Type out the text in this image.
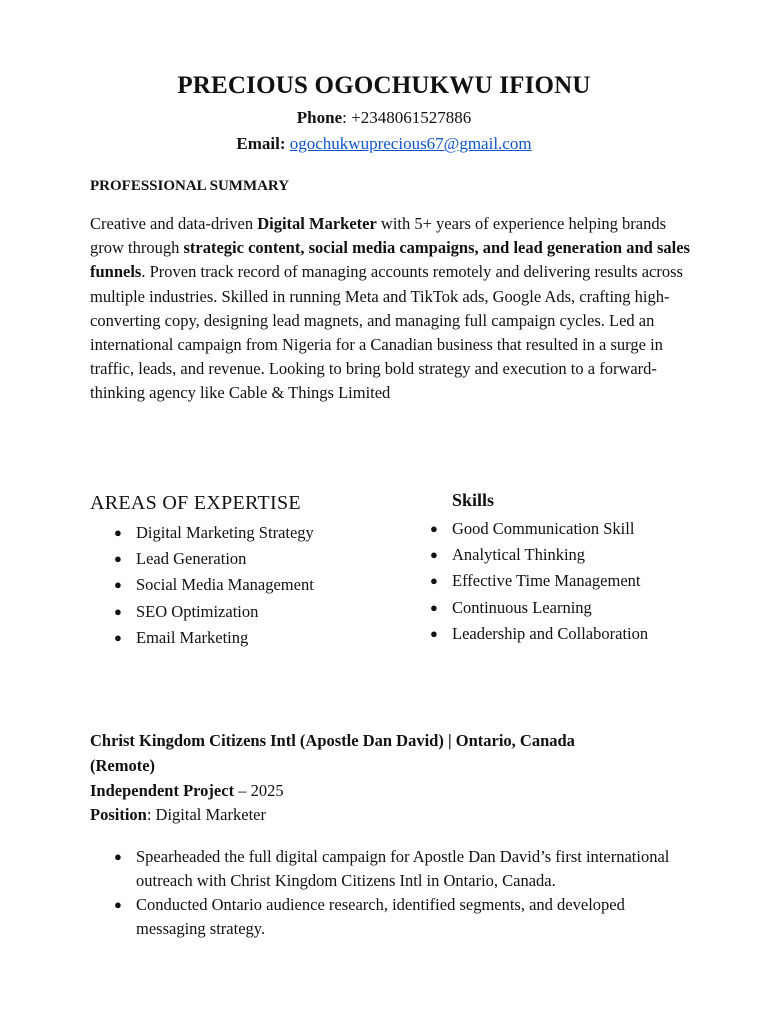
PRECIOUS OGOCHUKWU IFIONU

Phone: +2348061527886

Email: ogochukwuprecious67@gmail.com

PROFESSIONAL SUMMARY

Creative and data-driven Digital Marketer with 5+ years of experience helping brands grow through strategic content, social media campaigns, and lead generation and sales funnels. Proven track record of managing accounts remotely and delivering results across multiple industries. Skilled in running Meta and TikTok ads, Google Ads, crafting high-converting copy, designing lead magnets, and managing full campaign cycles. Led an international campaign from Nigeria for a Canadian business that resulted in a surge in traffic, leads, and revenue. Looking to bring bold strategy and execution to a forward-thinking agency like Cable & Things Limited

AREAS OF EXPERTISE
● Digital Marketing Strategy
● Lead Generation
● Social Media Management
● SEO Optimization
● Email Marketing
Skills
● Good Communication Skill
● Analytical Thinking
● Effective Time Management
● Continuous Learning
● Leadership and Collaboration

Christ Kingdom Citizens Intl (Apostle Dan David) | Ontario, Canada (Remote)

Independent Project – 2025

Position: Digital Marketer

● Spearheaded the full digital campaign for Apostle Dan David’s first international outreach with Christ Kingdom Citizens Intl in Ontario, Canada.
● Conducted Ontario audience research, identified segments, and developed messaging strategy.
